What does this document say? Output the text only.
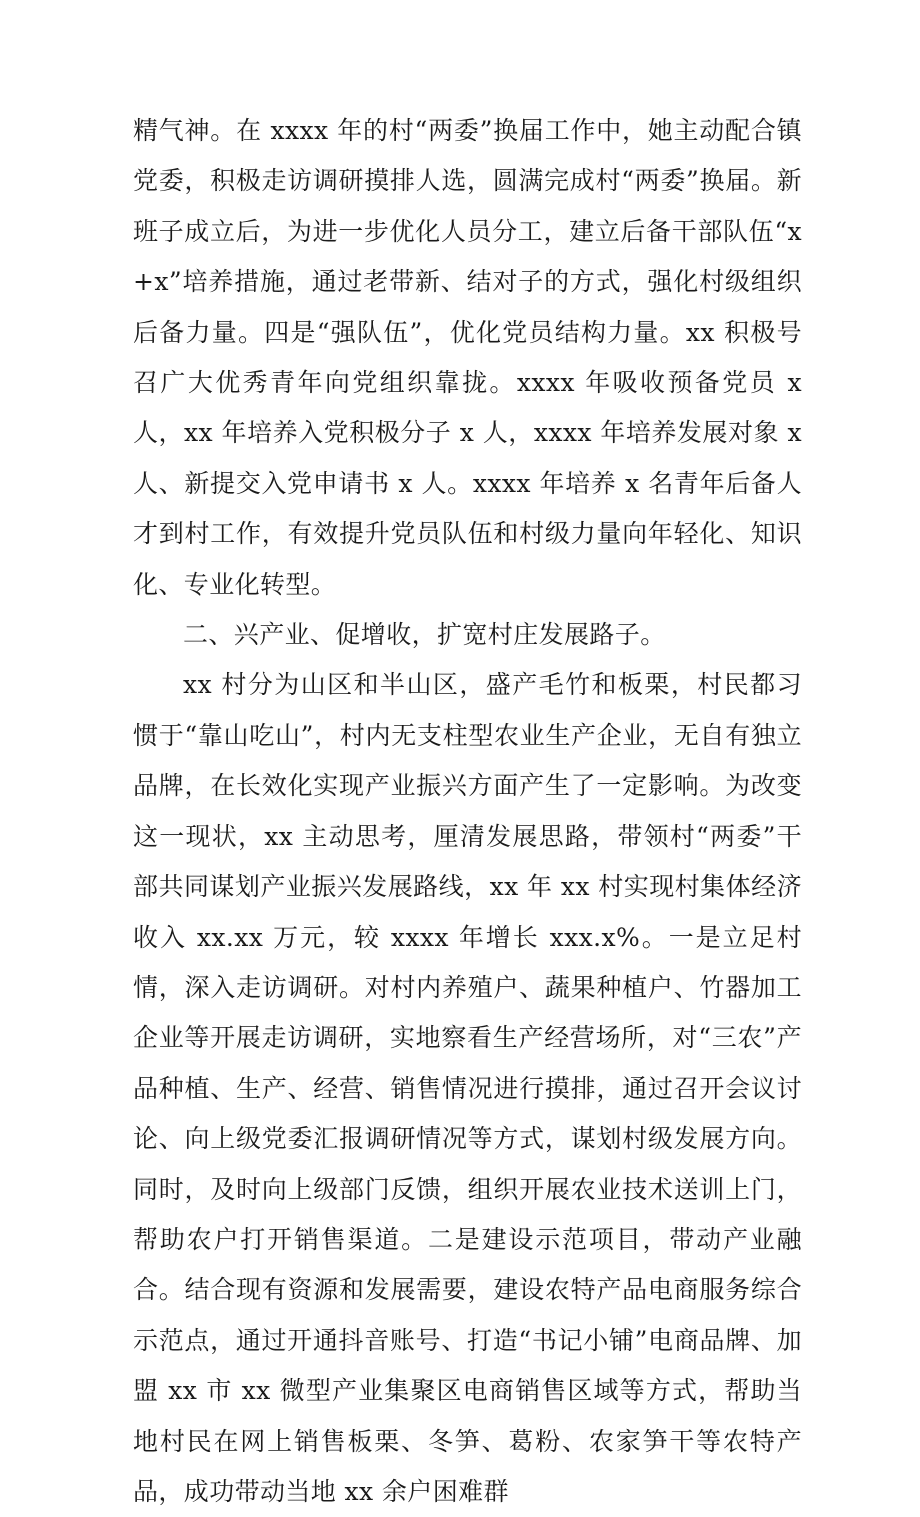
精气神。在 xxxx 年的村“两委”换届工作中，她主动配合镇党委，积极走访调研摸排人选，圆满完成村“两委”换届。新班子成立后，为进一步优化人员分工，建立后备干部队伍“x+x”培养措施，通过老带新、结对子的方式，强化村级组织后备力量。四是“强队伍”，优化党员结构力量。xx 积极号召广大优秀青年向党组织靠拢。xxxx 年吸收预备党员 x 人，xx 年培养入党积极分子 x 人，xxxx 年培养发展对象 x 人、新提交入党申请书 x 人。xxxx 年培养 x 名青年后备人才到村工作，有效提升党员队伍和村级力量向年轻化、知识化、专业化转型。

二、兴产业、促增收，扩宽村庄发展路子。

xx 村分为山区和半山区，盛产毛竹和板栗，村民都习惯于“靠山吃山”，村内无支柱型农业生产企业，无自有独立品牌，在长效化实现产业振兴方面产生了一定影响。为改变这一现状，xx 主动思考，厘清发展思路，带领村“两委”干部共同谋划产业振兴发展路线，xx 年 xx 村实现村集体经济收入 xx.xx 万元，较 xxxx 年增长 xxx.x%。一是立足村情，深入走访调研。对村内养殖户、蔬果种植户、竹器加工企业等开展走访调研，实地察看生产经营场所，对“三农”产品种植、生产、经营、销售情况进行摸排，通过召开会议讨论、向上级党委汇报调研情况等方式，谋划村级发展方向。同时，及时向上级部门反馈，组织开展农业技术送训上门，帮助农户打开销售渠道。二是建设示范项目，带动产业融合。结合现有资源和发展需要，建设农特产品电商服务综合示范点，通过开通抖音账号、打造“书记小铺”电商品牌、加盟 xx 市 xx 微型产业集聚区电商销售区域等方式，帮助当地村民在网上销售板栗、冬笋、葛粉、农家笋干等农特产品，成功带动当地 xx 余户困难群
